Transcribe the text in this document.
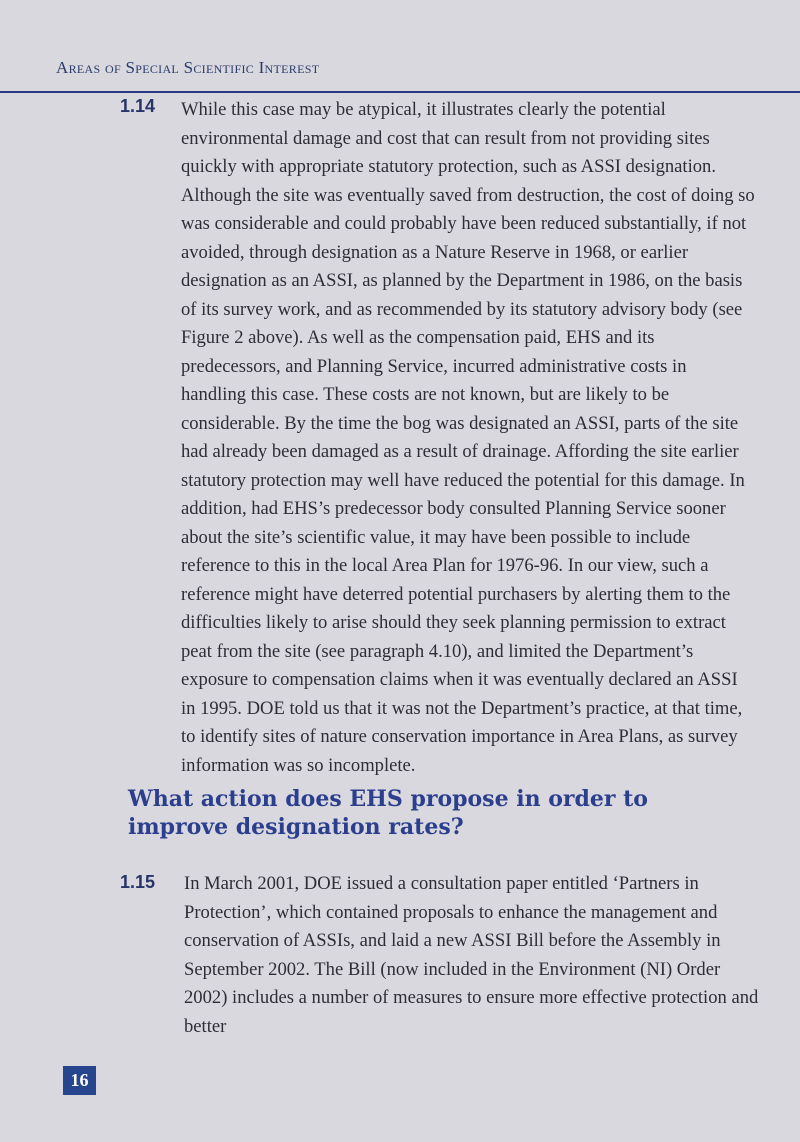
Areas of Special Scientific Interest
1.14 While this case may be atypical, it illustrates clearly the potential environmental damage and cost that can result from not providing sites quickly with appropriate statutory protection, such as ASSI designation. Although the site was eventually saved from destruction, the cost of doing so was considerable and could probably have been reduced substantially, if not avoided, through designation as a Nature Reserve in 1968, or earlier designation as an ASSI, as planned by the Department in 1986, on the basis of its survey work, and as recommended by its statutory advisory body (see Figure 2 above). As well as the compensation paid, EHS and its predecessors, and Planning Service, incurred administrative costs in handling this case. These costs are not known, but are likely to be considerable. By the time the bog was designated an ASSI, parts of the site had already been damaged as a result of drainage. Affording the site earlier statutory protection may well have reduced the potential for this damage. In addition, had EHS’s predecessor body consulted Planning Service sooner about the site’s scientific value, it may have been possible to include reference to this in the local Area Plan for 1976-96. In our view, such a reference might have deterred potential purchasers by alerting them to the difficulties likely to arise should they seek planning permission to extract peat from the site (see paragraph 4.10), and limited the Department’s exposure to compensation claims when it was eventually declared an ASSI in 1995. DOE told us that it was not the Department’s practice, at that time, to identify sites of nature conservation importance in Area Plans, as survey information was so incomplete.

What action does EHS propose in order to improve designation rates?
1.15 In March 2001, DOE issued a consultation paper entitled ‘Partners in Protection’, which contained proposals to enhance the management and conservation of ASSIs, and laid a new ASSI Bill before the Assembly in September 2002. The Bill (now included in the Environment (NI) Order 2002) includes a number of measures to ensure more effective protection and better

16
